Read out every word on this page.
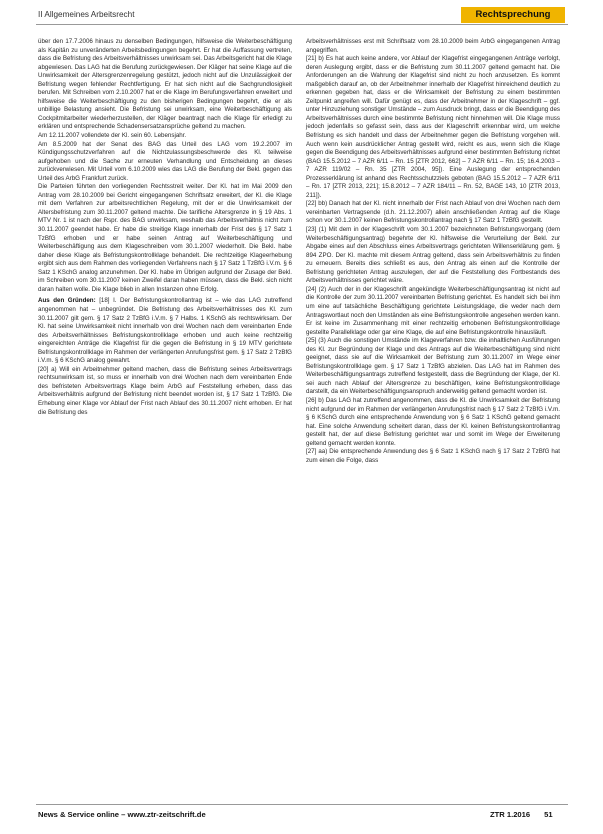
II Allgemeines Arbeitsrecht	Rechtsprechung

über den 17.7.2006 hinaus zu denselben Bedingungen, hilfsweise die Weiterbeschäftigung als Kapitän zu unveränderten Arbeitsbedingungen begehrt. Er hat die Auffassung vertreten, dass die Befristung des Arbeitsverhältnisses unwirksam sei. Das Arbeitsgericht hat die Klage abgewiesen. Das LAG hat die Berufung zurückgewiesen. Der Kläger hat seine Klage auf die Unwirksamkeit der Altersgrenzenregelung gestützt, jedoch nicht auf die Unzulässigkeit der Befristung wegen fehlender Rechtfertigung. Er hat sich nicht auf die Sachgrundlosigkeit berufen. Mit Schreiben vom 2.10.2007 hat er die Klage im Berufungsverfahren erweitert und hilfsweise die Weiterbeschäftigung zu den bisherigen Bedingungen begehrt, die er als unbillige Belastung ansieht. Die Befristung sei unwirksam, eine Weiterbeschäftigung als Cockpitmitarbeiter wiederherzustellen, der Kläger beantragt nach die Klage für erledigt zu erklären und entsprechende Schadensersatzansprüche geltend zu machen.

Am 12.11.2007 vollendete der Kl. sein 60. Lebensjahr.

Am 8.5.2009 hat der Senat des BAG das Urteil des LAG vom 19.2.2007 im Kündigungsschutzverfahren auf die Nichtzulassungsbeschwerde des Kl. teilweise aufgehoben und die Sache zur erneuten Verhandlung und Entscheidung an dieses zurückverwiesen. Mit Urteil vom 6.10.2009 wies das LAG die Berufung der Bekl. gegen das Urteil des ArbG Frankfurt zurück.

Die Parteien führten den vorliegenden Rechtsstreit weiter. Der Kl. hat im Mai 2009 den Antrag vom 28.10.2009 bei Gericht eingegangenen Schriftsatz erweitert, der Kl. die Klage mit dem Verfahren zur arbeitsrechtlichen Regelung, mit der er die Unwirksamkeit der Altersbefristung zum 30.11.2007 geltend machte. Die tarifliche Altersgrenze in § 19 Abs. 1 MTV Nr. 1 ist nach der Rspr. des BAG unwirksam, weshalb das Arbeitsverhältnis nicht zum 30.11.2007 geendet habe. Er habe die streitige Klage innerhalb der Frist des § 17 Satz 1 TzBfG erhoben und er habe seinen Antrag auf Weiterbeschäftigung und Weiterbeschäftigung aus dem Klageschreiben vom 30.1.2007 wiederholt. Die Bekl. habe daher diese Klage als Befristungskontrollklage behandelt. Die rechtzeitige Klageerhebung ergibt sich aus dem Rahmen des vorliegenden Verfahrens nach § 17 Satz 1 TzBfG i.V.m. § 6 Satz 1 KSchG analog anzunehmen. Der Kl. habe im Übrigen aufgrund der Zusage der Bekl. im Schreiben vom 30.11.2007 keinen Zweifel daran haben müssen, dass die Bekl. sich nicht daran halten wolle. Die Klage blieb in allen Instanzen ohne Erfolg.

Aus den Gründen: [18] I. Der Befristungskontrollantrag ist – wie das LAG zutreffend angenommen hat – unbegründet. Die Befristung des Arbeitsverhältnisses des Kl. zum 30.11.2007 gilt gem. § 17 Satz 2 TzBfG i.V.m. § 7 Halbs. 1 KSchG als rechtswirksam. Der Kl. hat seine Unwirksamkeit nicht innerhalb von drei Wochen nach dem vereinbarten Ende des Arbeitsverhältnisses Befristungskontrollklage erhoben und auch keine rechtzeitig eingereichten Anträge die Klagefrist für die gegen die Befristung in § 19 MTV gerichtete Befristungskontrollklage im Rahmen der verlängerten Anrufungsfrist gem. § 17 Satz 2 TzBfG i.V.m. § 6 KSchG analog gewahrt.

[20] a) Will ein Arbeitnehmer geltend machen, dass die Befristung seines Arbeitsvertrags rechtsunwirksam ist, so muss er innerhalb von drei Wochen nach dem vereinbarten Ende des befristeten Arbeitsvertrags Klage beim ArbG auf Feststellung erheben, dass das Arbeitsverhältnis aufgrund der Befristung nicht beendet worden ist, § 17 Satz 1 TzBfG. Die Erhebung einer Klage vor Ablauf der Frist nach Ablauf des 30.11.2007 nicht erhoben. Er hat die Befristung des

Arbeitsverhältnisses erst mit Schriftsatz vom 28.10.2009 beim ArbG eingegangenen Antrag angegriffen.

[21] b) Es hat auch keine andere, vor Ablauf der Klagefrist eingegangenen Anträge verfolgt, deren Auslegung ergibt, dass er die Befristung zum 30.11.2007 geltend gemacht hat. Die Anforderungen an die Wahrung der Klagefrist sind nicht zu hoch anzusetzen. Es kommt maßgeblich darauf an, ob der Arbeitnehmer innerhalb der Klagefrist hinreichend deutlich zu erkennen gegeben hat, dass er die Wirksamkeit der Befristung zu einem bestimmten Zeitpunkt angreifen will. Dafür genügt es, dass der Arbeitnehmer in der Klageschrift – ggf. unter Hinzuziehung sonstiger Umstände – zum Ausdruck bringt, dass er die Beendigung des Arbeitsverhältnisses durch eine bestimmte Befristung nicht hinnehmen will. Die Klage muss jedoch jedenfalls so gefasst sein, dass aus der Klageschrift erkennbar wird, um welche Befristung es sich handelt und dass der Arbeitnehmer gegen die Befristung vorgehen will. Auch wenn kein ausdrücklicher Antrag gestellt wird, reicht es aus, wenn sich die Klage gegen die Beendigung des Arbeitsverhältnisses aufgrund einer bestimmten Befristung richtet (BAG 15.5.2012 – 7 AZR 6/11 – Rn. 15 [ZTR 2012, 662] – 7 AZR 6/11 – Rn. 15; 16.4.2003 – 7 AZR 119/02 – Rn. 35 [ZTR 2004, 95]). Eine Auslegung der entsprechenden Prozesserklärung ist anhand des Rechtsschutzziels geboten (BAG 15.5.2012 – 7 AZR 6/11 – Rn. 17 [ZTR 2013, 221]; 15.8.2012 – 7 AZR 184/11 – Rn. 52, BAGE 143, 10 [ZTR 2013, 211]).

[22] bb) Danach hat der Kl. nicht innerhalb der Frist nach Ablauf von drei Wochen nach dem vereinbarten Vertragsende (d.h. 21.12.2007) allein anschließenden Antrag auf die Klage schon vor 30.1.2007 keinen Befristungskontrollantrag nach § 17 Satz 1 TzBfG gestellt.

[23] (1) Mit dem in der Klageschrift vom 30.1.2007 bezeichneten Befristungsvorgang (dem Weiterbeschäftigungsantrag) begehrte der Kl. hilfsweise die Verurteilung der Bekl. zur Abgabe eines auf den Abschluss eines Arbeitsvertrags gerichteten Willenserklärung gem. § 894 ZPO. Der Kl. machte mit diesem Antrag geltend, dass sein Arbeitsverhältnis zu finden zu erneuern. Bereits dies schließt es aus, den Antrag als einen auf die Kontrolle der Befristung gerichteten Antrag auszulegen, der auf die Feststellung des Fortbestands des Arbeitsverhältnisses gerichtet wäre.

[24] (2) Auch der in der Klageschrift angekündigte Weiterbeschäftigungsantrag ist nicht auf die Kontrolle der zum 30.11.2007 vereinbarten Befristung gerichtet. Es handelt sich bei ihm um eine auf tatsächliche Beschäftigung gerichtete Leistungsklage, die weder nach dem Antragswortlaut noch den Umständen als eine Befristungskontrolle angesehen werden kann. Er ist keine im Zusammenhang mit einer rechtzeitig erhobenen Befristungskontrollklage gestellte Parallelklage oder gar eine Klage, die auf eine Befristungskontrolle hinausläuft.

[25] (3) Auch die sonstigen Umstände im Klageverfahren bzw. die inhaltlichen Ausführungen des Kl. zur Begründung der Klage und des Antrags auf die Weiterbeschäftigung sind nicht geeignet, dass sie auf die Wirksamkeit der Befristung zum 30.11.2007 im Wege einer Befristungskontrollklage gem. § 17 Satz 1 TzBfG abzielen. Das LAG hat im Rahmen des Weiterbeschäftigungsantrags zutreffend festgestellt, dass die Begründung der Klage, der Kl. sei auch nach Ablauf der Altersgrenze zu beschäftigen, keine Befristungskontrollklage darstellt, da ein Weiterbeschäftigungsanspruch anderweitig geltend gemacht worden ist.

[26] b) Das LAG hat zutreffend angenommen, dass die Kl. die Unwirksamkeit der Befristung nicht aufgrund der im Rahmen der verlängerten Anrufungsfrist nach § 17 Satz 2 TzBfG i.V.m. § 6 KSchG durch eine entsprechende Anwendung von § 6 Satz 1 KSchG geltend gemacht hat. Eine solche Anwendung scheitert daran, dass der Kl. keinen Befristungskontrollantrag gestellt hat, der auf diese Befristung gerichtet war und somit im Wege der Erweiterung geltend gemacht werden konnte.

[27] aa) Die entsprechende Anwendung des § 6 Satz 1 KSchG nach § 17 Satz 2 TzBfG hat zum einen die Folge, dass

News & Service online – www.ztr-zeitschrift.de	ZTR 1.2016 51
